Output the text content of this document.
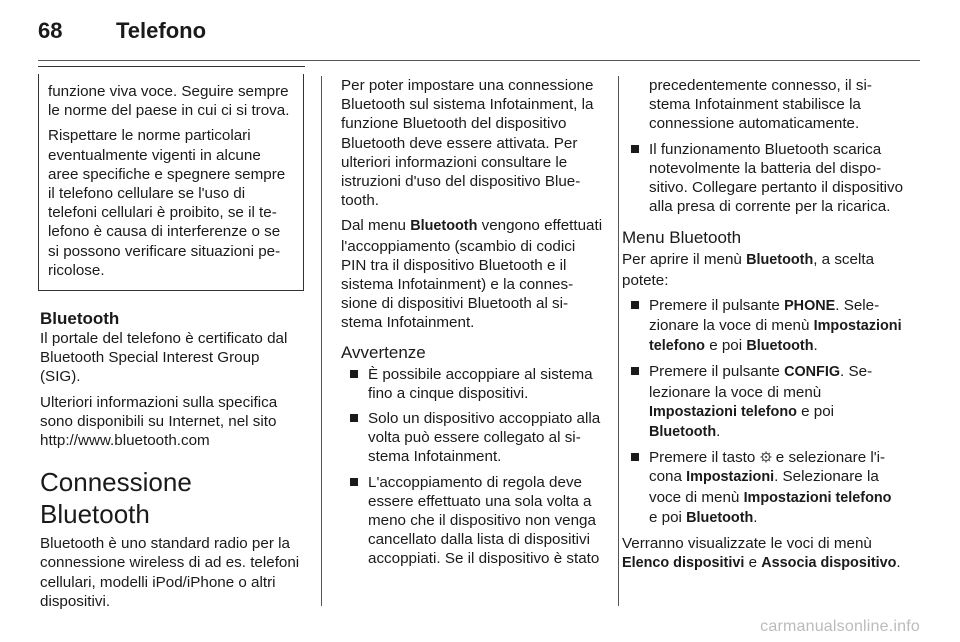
68 Telefono

funzione viva voce. Seguire sempre le norme del paese in cui ci si trova.

Rispettare le norme particolari eventualmente vigenti in alcune aree specifiche e spegnere sempre il telefono cellulare se l'uso di telefoni cellulari è proibito, se il telefono è causa di interferenze o se si possono verificare situazioni pericolose.

Bluetooth

Il portale del telefono è certificato dal Bluetooth Special Interest Group (SIG).

Ulteriori informazioni sulla specifica sono disponibili su Internet, nel sito http://www.bluetooth.com

Connessione Bluetooth

Bluetooth è uno standard radio per la connessione wireless di ad es. telefoni cellulari, modelli iPod/iPhone o altri dispositivi.

Per poter impostare una connessione Bluetooth sul sistema Infotainment, la funzione Bluetooth del dispositivo Bluetooth deve essere attivata. Per ulteriori informazioni consultare le istruzioni d'uso del dispositivo Bluetooth.

Dal menu Bluetooth vengono effettuati l'accoppiamento (scambio di codici PIN tra il dispositivo Bluetooth e il sistema Infotainment) e la connessione di dispositivi Bluetooth al sistema Infotainment.

Avvertenze
È possibile accoppiare al sistema fino a cinque dispositivi.
Solo un dispositivo accoppiato alla volta può essere collegato al sistema Infotainment.
L'accoppiamento di regola deve essere effettuato una sola volta a meno che il dispositivo non venga cancellato dalla lista di dispositivi accoppiati. Se il dispositivo è stato

precedentemente connesso, il sistema Infotainment stabilisce la connessione automaticamente.

Il funzionamento Bluetooth scarica notevolmente la batteria del dispositivo. Collegare pertanto il dispositivo alla presa di corrente per la ricarica.
Menu Bluetooth

Per aprire il menù Bluetooth, a scelta potete:

Premere il pulsante PHONE. Selezionare la voce di menù Impostazioni telefono e poi Bluetooth.
Premere il pulsante CONFIG. Selezionare la voce di menù Impostazioni telefono e poi Bluetooth.
Premere il tasto  e selezionare l'icona Impostazioni. Selezionare la voce di menù Impostazioni telefono e poi Bluetooth.

Verranno visualizzate le voci di menù Elenco dispositivi e Associa dispositivo.

carmanualsonline.info
